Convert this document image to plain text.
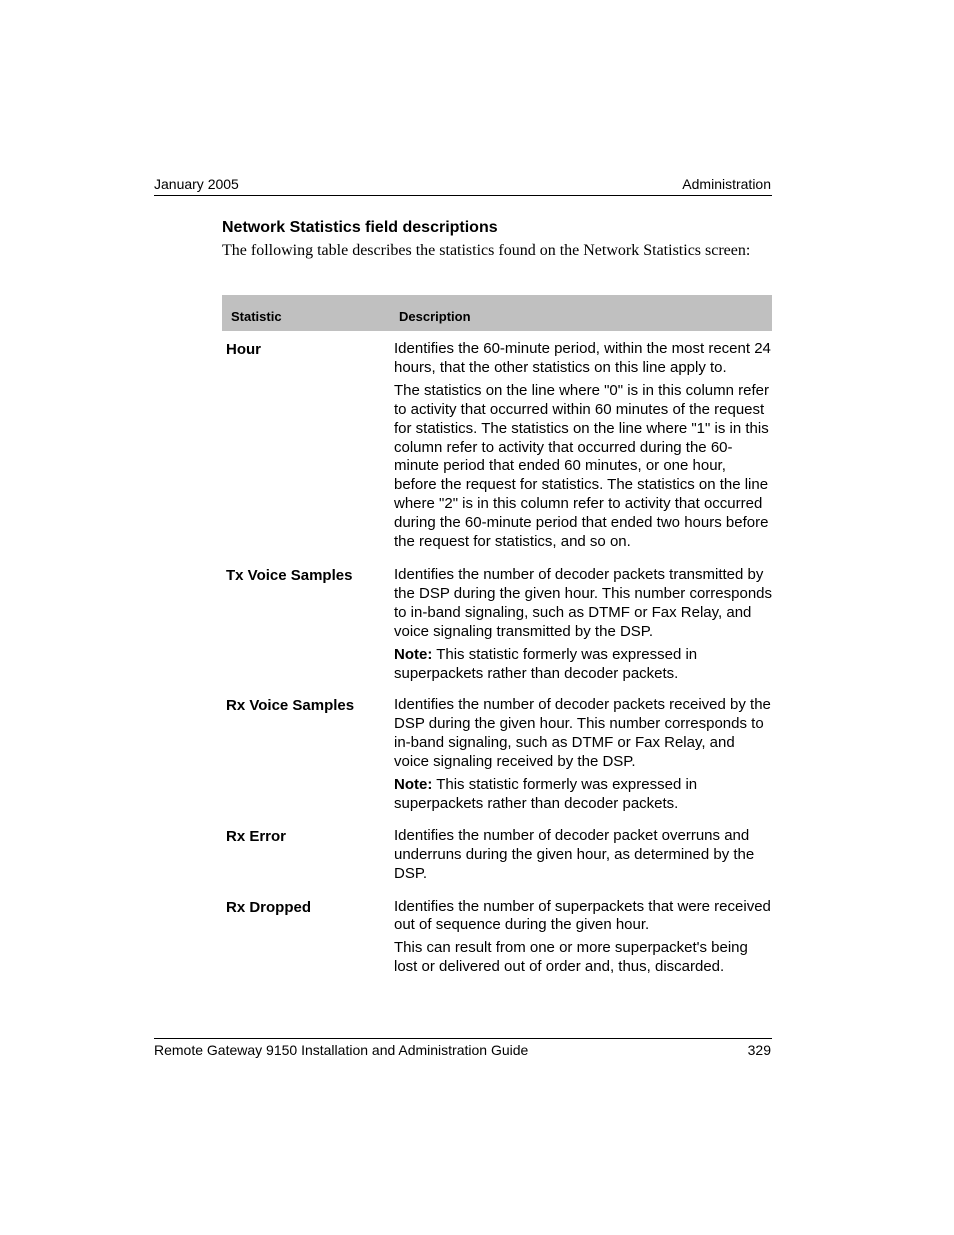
January 2005	Administration
Network Statistics field descriptions
The following table describes the statistics found on the Network Statistics screen:
Statistic	Description
Hour	Identifies the 60-minute period, within the most recent 24 hours, that the other statistics on this line apply to.

The statistics on the line where "0" is in this column refer to activity that occurred within 60 minutes of the request for statistics. The statistics on the line where "1" is in this column refer to activity that occurred during the 60-minute period that ended 60 minutes, or one hour, before the request for statistics. The statistics on the line where "2" is in this column refer to activity that occurred during the 60-minute period that ended two hours before the request for statistics, and so on.

Tx Voice Samples	Identifies the number of decoder packets transmitted by the DSP during the given hour. This number corresponds to in-band signaling, such as DTMF or Fax Relay, and voice signaling transmitted by the DSP.

Note: This statistic formerly was expressed in superpackets rather than decoder packets.

Rx Voice Samples	Identifies the number of decoder packets received by the DSP during the given hour. This number corresponds to in-band signaling, such as DTMF or Fax Relay, and voice signaling received by the DSP.

Note: This statistic formerly was expressed in superpackets rather than decoder packets.

Rx Error	Identifies the number of decoder packet overruns and underruns during the given hour, as determined by the DSP.

Rx Dropped	Identifies the number of superpackets that were received out of sequence during the given hour.

This can result from one or more superpacket's being lost or delivered out of order and, thus, discarded.

Remote Gateway 9150 Installation and Administration Guide	329
